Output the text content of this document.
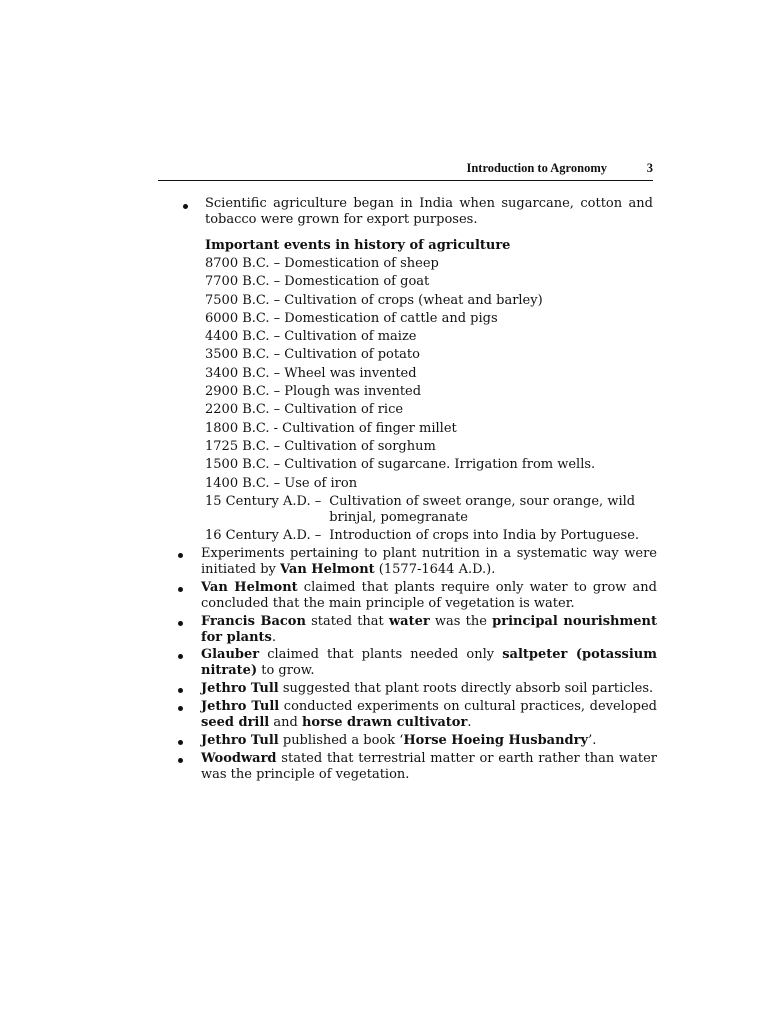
Introduction to Agronomy	3
Scientific agriculture began in India when sugarcane, cotton and tobacco were grown for export purposes.
Important events in history of agriculture
8700 B.C. – Domestication of sheep
7700 B.C. – Domestication of goat
7500 B.C. – Cultivation of crops (wheat and barley)
6000 B.C. – Domestication of cattle and pigs
4400 B.C. – Cultivation of maize
3500 B.C. – Cultivation of potato
3400 B.C. – Wheel was invented
2900 B.C. – Plough was invented
2200 B.C. – Cultivation of rice
1800 B.C. - Cultivation of finger millet
1725 B.C. – Cultivation of sorghum
1500 B.C. – Cultivation of sugarcane. Irrigation from wells.
1400 B.C. – Use of iron
15 Century A.D. – Cultivation of sweet orange, sour orange, wild brinjal, pomegranate
16 Century A.D. – Introduction of crops into India by Portuguese.
Experiments pertaining to plant nutrition in a systematic way were initiated by Van Helmont (1577-1644 A.D.).
Van Helmont claimed that plants require only water to grow and concluded that the main principle of vegetation is water.
Francis Bacon stated that water was the principal nourishment for plants.
Glauber claimed that plants needed only saltpeter (potassium nitrate) to grow.
Jethro Tull suggested that plant roots directly absorb soil particles.
Jethro Tull conducted experiments on cultural practices, developed seed drill and horse drawn cultivator.
Jethro Tull published a book ‘Horse Hoeing Husbandry’.
Woodward stated that terrestrial matter or earth rather than water was the principle of vegetation.
